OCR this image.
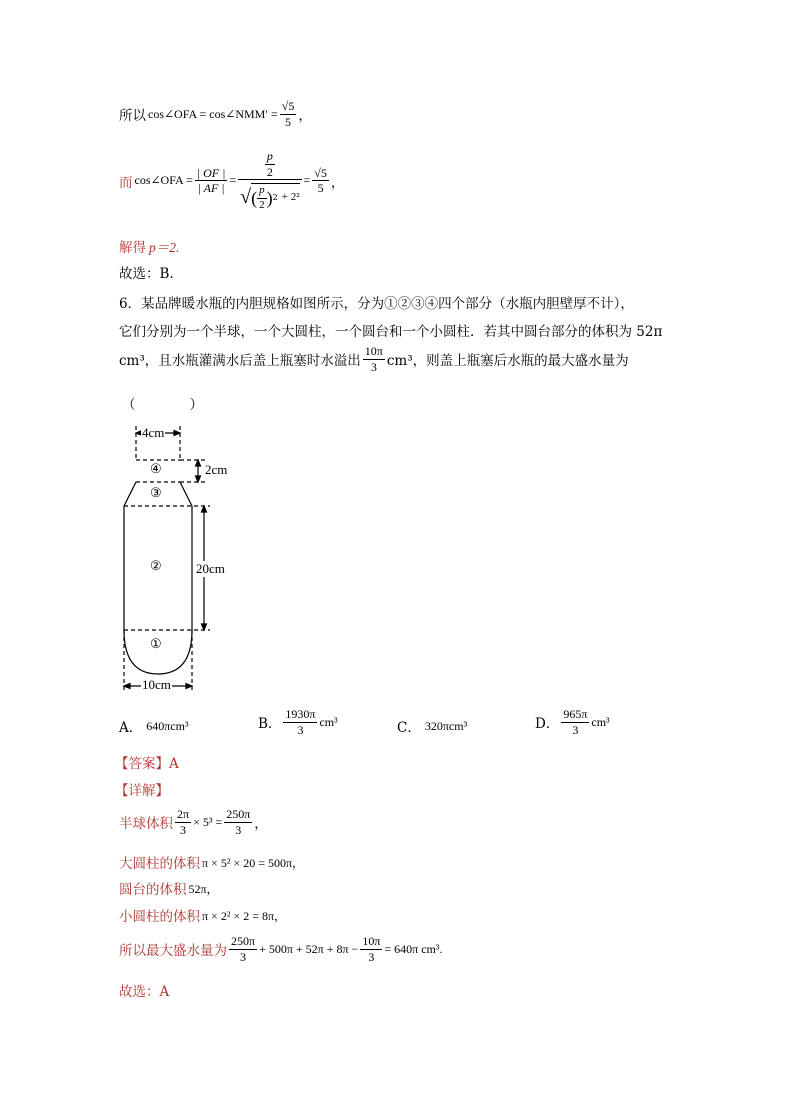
所以 cos∠OFA = cos∠NMM′ = $\frac{√5}{5}$ ，
而 cos∠OFA = $\frac{| OF |}{| AF |}$ =
$\frac{p}{2}$
√ ( $\frac{p}{2}$ ) 2 + 2²
= $\frac{√5}{5}$ ，
解得 p＝2.
故选：B.
6．某品牌暖水瓶的内胆规格如图所示，分为①②③④四个部分（水瓶内胆壁厚不计），
它们分别为一个半球，一个大圆柱，一个圆台和一个小圆柱．若其中圆台部分的体积为 52π
cm³，且水瓶灌满水后盖上瓶塞时水溢出 $\frac{10\pi}{3} cm^3$，则盖上瓶塞后水瓶的最大盛水量为
（　　　　）
4cm
④	2cm
③
②	20cm
①
10cm
A． 640πcm³	B． $\frac{1930\pi}{3} cm^3$	C． 320πcm³	D． $\frac{965\pi}{3} cm^3$
【答案】A
【详解】
半球体积 $\frac{2\pi}{3} \times 5^3 = \frac{250\pi}{3}$ ，
大圆柱的体积 π × 5² × 20 = 500π，
圆台的体积 52π，
小圆柱的体积 π × 2² × 2 = 8π，
所以最大盛水量为 $\frac{250\pi}{3} + 500\pi + 52\pi + 8\pi - \frac{10\pi}{3} = 640\pi$ cm³.
故选：A
